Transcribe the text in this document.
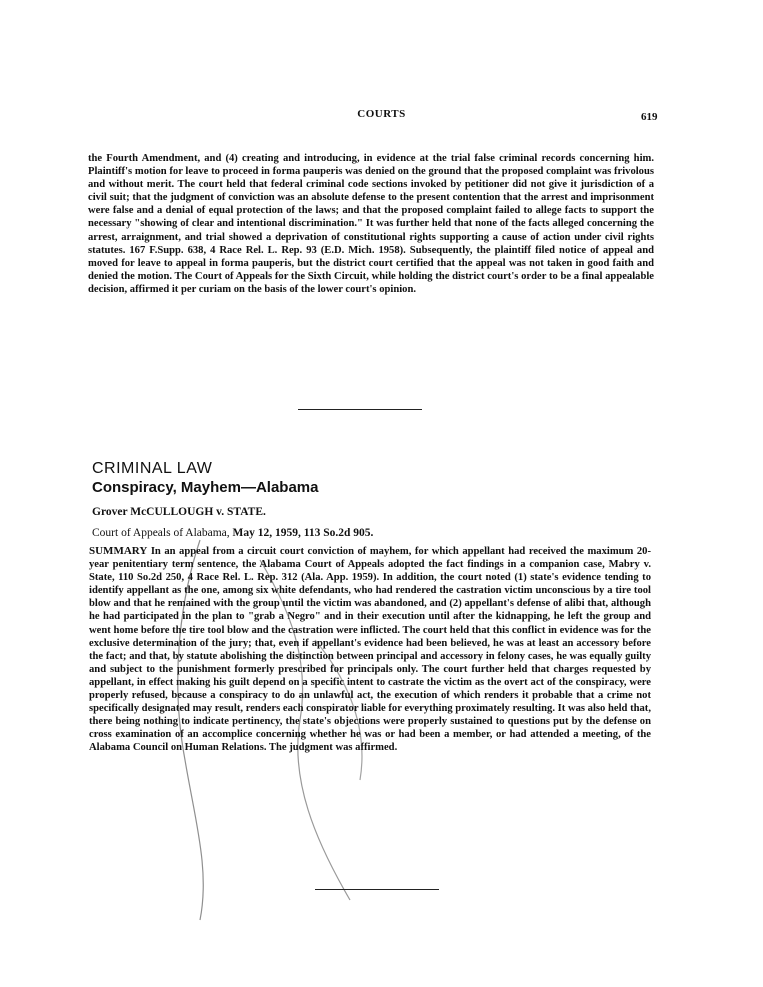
COURTS	619
the Fourth Amendment, and (4) creating and introducing, in evidence at the trial false criminal records concerning him. Plaintiff's motion for leave to proceed in forma pauperis was denied on the ground that the proposed complaint was frivolous and without merit. The court held that federal criminal code sections invoked by petitioner did not give it jurisdiction of a civil suit; that the judgment of conviction was an absolute defense to the present contention that the arrest and imprisonment were false and a denial of equal protection of the laws; and that the proposed complaint failed to allege facts to support the necessary "showing of clear and intentional discrimination." It was further held that none of the facts alleged concerning the arrest, arraignment, and trial showed a deprivation of constitutional rights supporting a cause of action under civil rights statutes. 167 F.Supp. 638, 4 Race Rel. L. Rep. 93 (E.D. Mich. 1958). Subsequently, the plaintiff filed notice of appeal and moved for leave to appeal in forma pauperis, but the district court certified that the appeal was not taken in good faith and denied the motion. The Court of Appeals for the Sixth Circuit, while holding the district court's order to be a final appealable decision, affirmed it per curiam on the basis of the lower court's opinion.
CRIMINAL LAW
Conspiracy, Mayhem—Alabama
Grover McCULLOUGH v. STATE.
Court of Appeals of Alabama, May 12, 1959, 113 So.2d 905.
SUMMARY In an appeal from a circuit court conviction of mayhem, for which appellant had received the maximum 20-year penitentiary term sentence, the Alabama Court of Appeals adopted the fact findings in a companion case, Mabry v. State, 110 So.2d 250, 4 Race Rel. L. Rep. 312 (Ala. App. 1959). In addition, the court noted (1) state's evidence tending to identify appellant as the one, among six white defendants, who had rendered the castration victim unconscious by a tire tool blow and that he remained with the group until the victim was abandoned, and (2) appellant's defense of alibi that, although he had participated in the plan to "grab a Negro" and in their execution until after the kidnapping, he left the group and went home before the tire tool blow and the castration were inflicted. The court held that this conflict in evidence was for the exclusive determination of the jury; that, even if appellant's evidence had been believed, he was at least an accessory before the fact; and that, by statute abolishing the distinction between principal and accessory in felony cases, he was equally guilty and subject to the punishment formerly prescribed for principals only. The court further held that charges requested by appellant, in effect making his guilt depend on a specific intent to castrate the victim as the overt act of the conspiracy, were properly refused, because a conspiracy to do an unlawful act, the execution of which renders it probable that a crime not specifically designated may result, renders each conspirator liable for everything proximately resulting. It was also held that, there being nothing to indicate pertinency, the state's objections were properly sustained to questions put by the defense on cross examination of an accomplice concerning whether he was or had been a member, or had attended a meeting, of the Alabama Council on Human Relations. The judgment was affirmed.
